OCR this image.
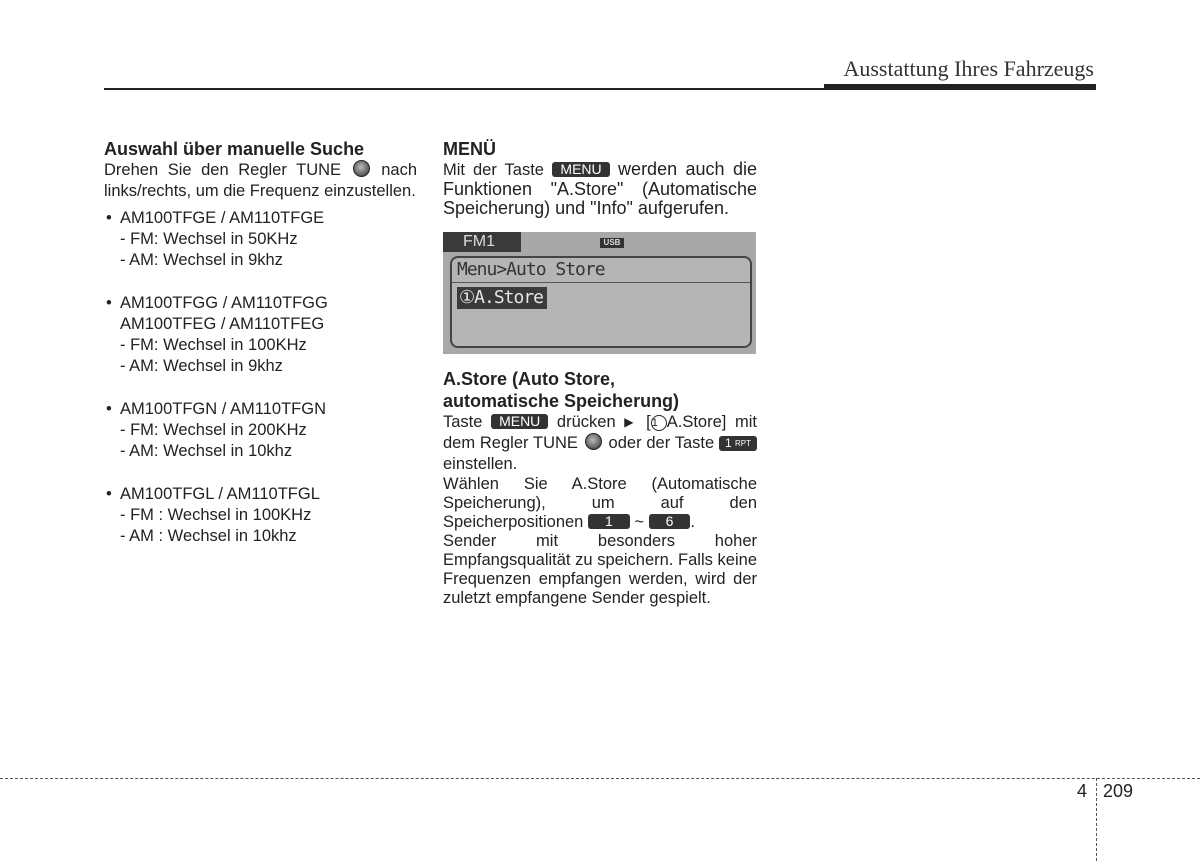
Ausstattung Ihres Fahrzeugs
Auswahl über manuelle Suche

Drehen Sie den Regler TUNE  nach links/rechts, um die Frequenz einzustellen.

• AM100TFGE / AM110TFGE
- FM: Wechsel in 50KHz
- AM: Wechsel in 9khz
• AM100TFGG / AM110TFGG
AM100TFEG / AM110TFEG
- FM: Wechsel in 100KHz
- AM: Wechsel in 9khz
• AM100TFGN / AM110TFGN
- FM: Wechsel in 200KHz
- AM: Wechsel in 10khz
• AM100TFGL / AM110TFGL
- FM : Wechsel in 100KHz
- AM : Wechsel in 10khz
MENÜ

Mit der Taste MENU werden auch die Funktionen "A.Store" (Automatische Speicherung) und "Info" aufgerufen.

FM1	USB
Menu>Auto Store
①A.Store
A.Store (Auto Store,
automatische Speicherung)

Taste MENU drücken ▶ [1 A.Store] mit dem Regler TUNE oder der Taste 1 RPT einstellen.

Wählen Sie A.Store (Automatische Speicherung), um auf den Speicherpositionen 1 ~ 6 .

Sender mit besonders hoher Empfangsqualität zu speichern. Falls keine Frequenzen empfangen werden, wird der zuletzt empfangene Sender gespielt.

4 209
